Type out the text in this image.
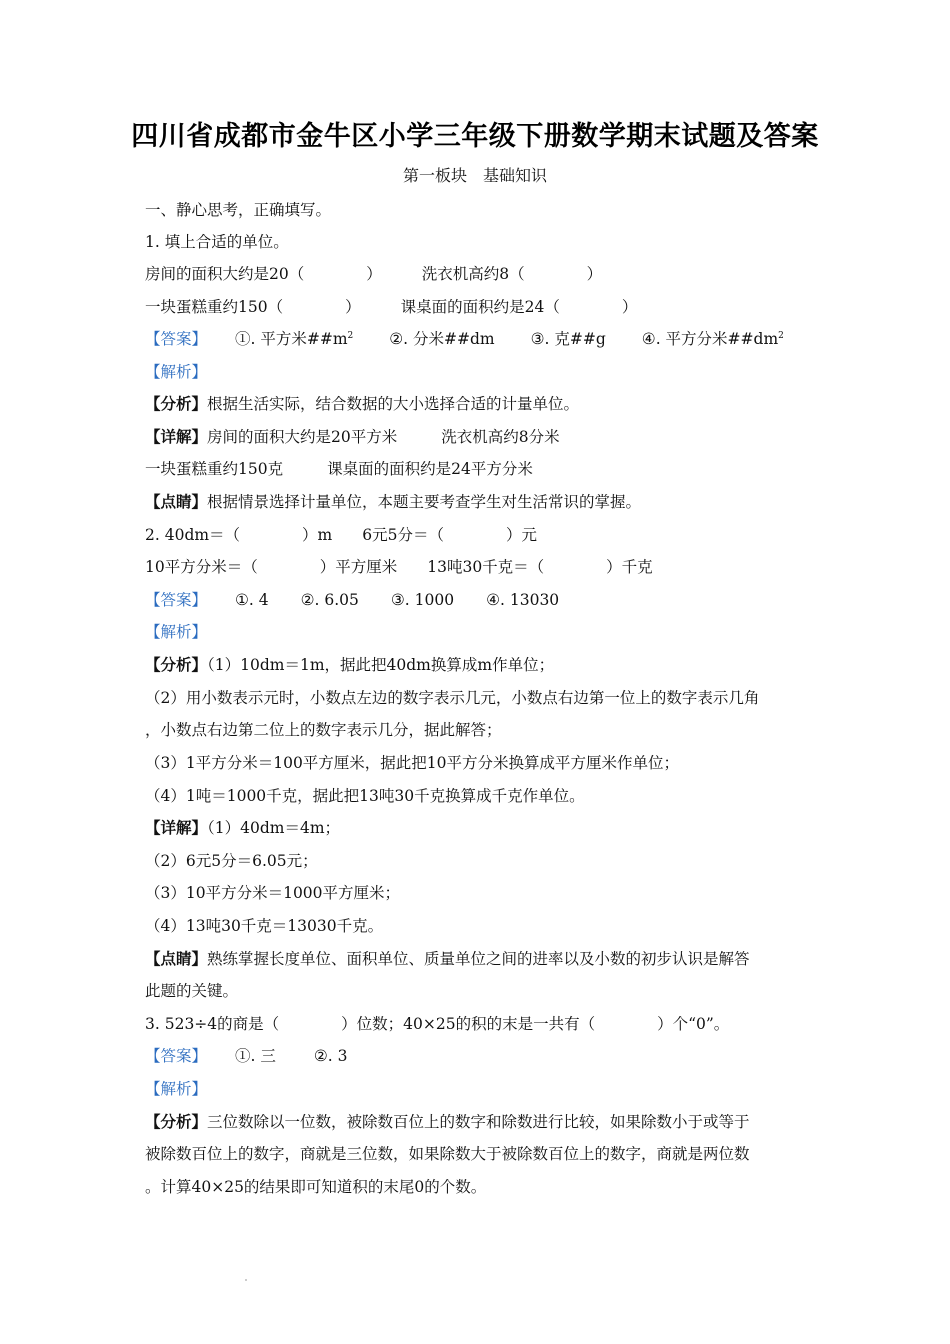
四川省成都市金牛区小学三年级下册数学期末试题及答案
第一板块　基础知识
一、静心思考，正确填写。
1. 填上合适的单位。
房间的面积大约是20（　　　　）	洗衣机高约8（　　　　）
一块蛋糕重约150（　　　　）	课桌面的面积约是24（　　　　）
【答案】 ①. 平方米$\#\#m^2$ ②. 分米##dm ③. 克##g ④. 平方分米$\#\#dm^2$
【解析】
【分析】根据生活实际，结合数据的大小选择合适的计量单位。
【详解】房间的面积大约是20平方米	洗衣机高约8分米
一块蛋糕重约150克	课桌面的面积约是24平方分米
【点睛】根据情景选择计量单位，本题主要考查学生对生活常识的掌握。
2. 40dm＝（　　　　）m 6元5分＝（　　　　）元
10平方分米＝（　　　　）平方厘米 13吨30千克＝（　　　　）千克
【答案】 ①. 4 ②. 6.05 ③. 1000 ④. 13030
【解析】
【分析】（1）10dm＝1m，据此把40dm换算成m作单位；
（2）用小数表示元时，小数点左边的数字表示几元，小数点右边第一位上的数字表示几角
，小数点右边第二位上的数字表示几分，据此解答；
（3）1平方分米＝100平方厘米，据此把10平方分米换算成平方厘米作单位；
（4）1吨＝1000千克，据此把13吨30千克换算成千克作单位。
【详解】（1）40dm＝4m；
（2）6元5分＝6.05元；
（3）10平方分米＝1000平方厘米；
（4）13吨30千克＝13030千克。
【点睛】熟练掌握长度单位、面积单位、质量单位之间的进率以及小数的初步认识是解答
此题的关键。
3. 523÷4的商是（　　　　）位数；40×25的积的末是一共有（　　　　）个“0”。
【答案】 ①. 三 ②. 3
【解析】
【分析】三位数除以一位数，被除数百位上的数字和除数进行比较，如果除数小于或等于
被除数百位上的数字，商就是三位数，如果除数大于被除数百位上的数字，商就是两位数
。计算40×25的结果即可知道积的末尾0的个数。
